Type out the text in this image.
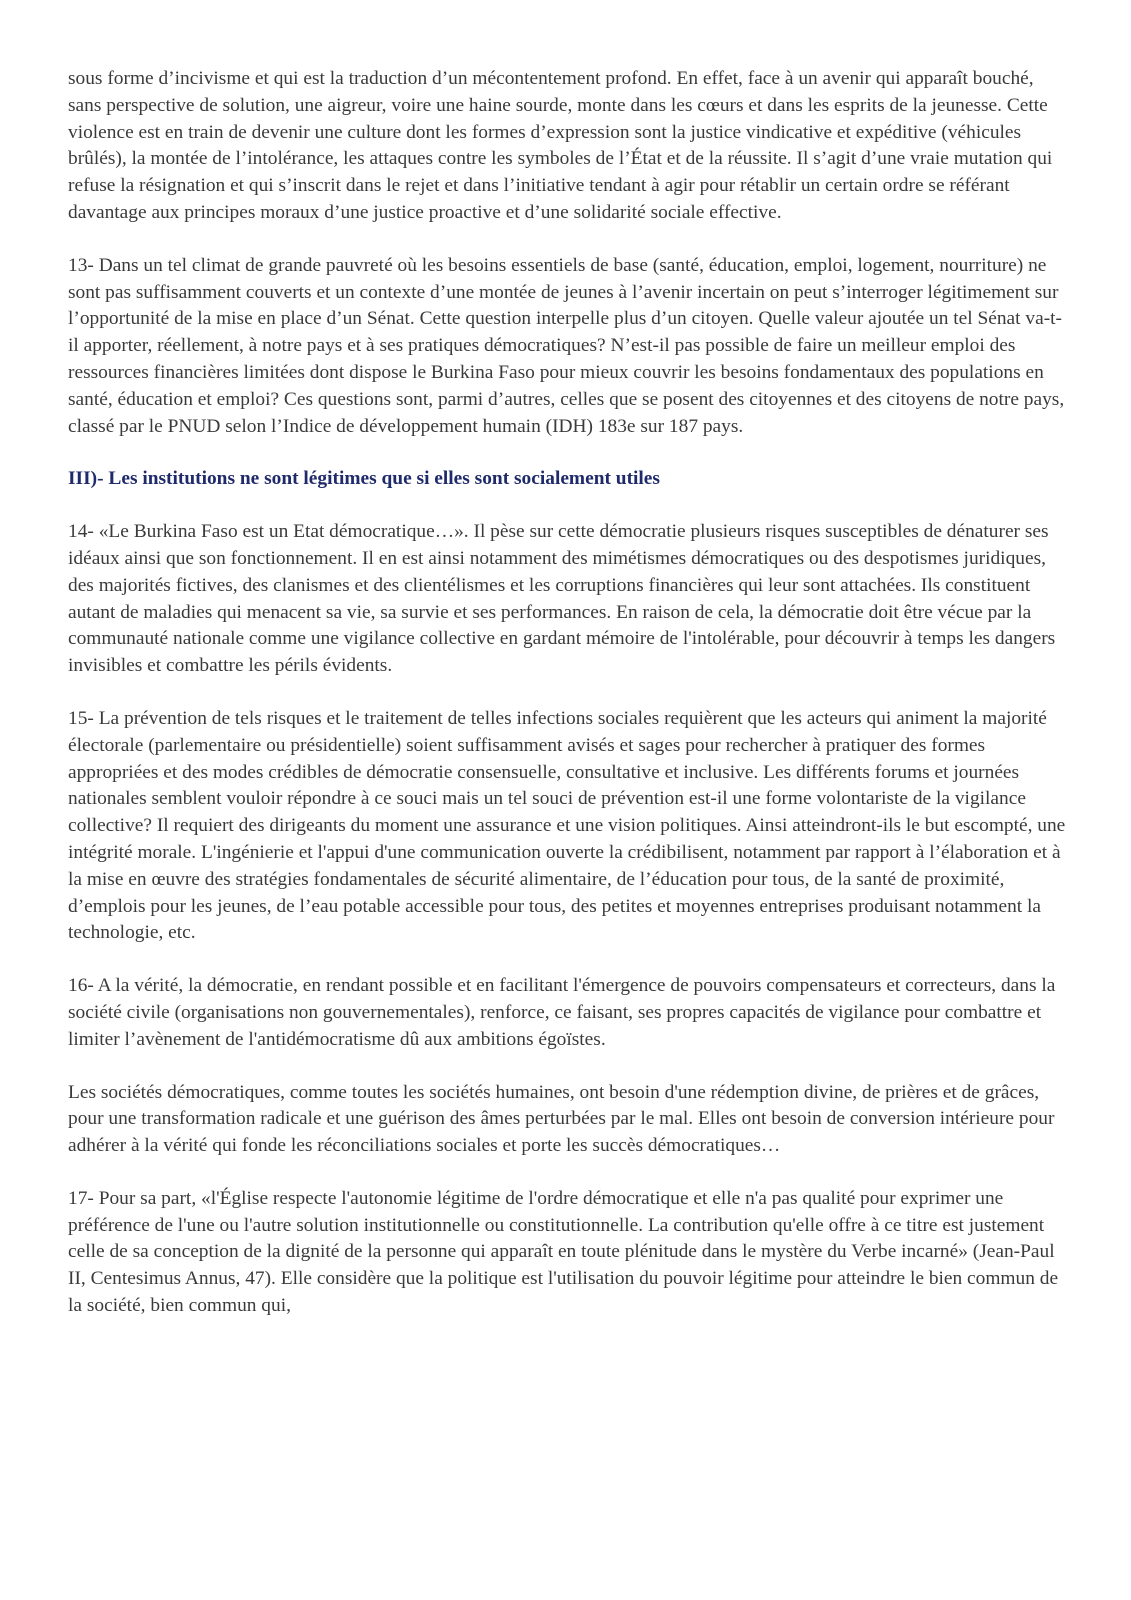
sous forme d’incivisme et qui est la traduction d’un mécontentement profond. En effet, face à un avenir qui apparaît bouché, sans perspective de solution, une aigreur, voire une haine sourde, monte dans les cœurs et dans les esprits de la jeunesse. Cette violence est en train de devenir une culture dont les formes d’expression sont la justice vindicative et expéditive (véhicules brûlés), la montée de l’intolérance, les attaques contre les symboles de l’État et de la réussite. Il s’agit d’une vraie mutation qui refuse la résignation et qui s’inscrit dans le rejet et dans l’initiative tendant à agir pour rétablir un certain ordre se référant davantage aux principes moraux d’une justice proactive et d’une solidarité sociale effective.

13- Dans un tel climat de grande pauvreté où les besoins essentiels de base (santé, éducation, emploi, logement, nourriture) ne sont pas suffisamment couverts et un contexte d’une montée de jeunes à l’avenir incertain on peut s’interroger légitimement sur l’opportunité de la mise en place d’un Sénat. Cette question interpelle plus d’un citoyen. Quelle valeur ajoutée un tel Sénat va-t-il apporter, réellement, à notre pays et à ses pratiques démocratiques? N’est-il pas possible de faire un meilleur emploi des ressources financières limitées dont dispose le Burkina Faso pour mieux couvrir les besoins fondamentaux des populations en santé, éducation et emploi? Ces questions sont, parmi d’autres, celles que se posent des citoyennes et des citoyens de notre pays, classé par le PNUD selon l’Indice de développement humain (IDH) 183e sur 187 pays.

III)- Les institutions ne sont légitimes que si elles sont socialement utiles

14- «Le Burkina Faso est un Etat démocratique…». Il pèse sur cette démocratie plusieurs risques susceptibles de dénaturer ses idéaux ainsi que son fonctionnement. Il en est ainsi notamment des mimétismes démocratiques ou des despotismes juridiques, des majorités fictives, des clanismes et des clientélismes et les corruptions financières qui leur sont attachées. Ils constituent autant de maladies qui menacent sa vie, sa survie et ses performances. En raison de cela, la démocratie doit être vécue par la communauté nationale comme une vigilance collective en gardant mémoire de l'intolérable, pour découvrir à temps les dangers invisibles et combattre les périls évidents.

15- La prévention de tels risques et le traitement de telles infections sociales requièrent que les acteurs qui animent la majorité électorale (parlementaire ou présidentielle) soient suffisamment avisés et sages pour rechercher à pratiquer des formes appropriées et des modes crédibles de démocratie consensuelle, consultative et inclusive. Les différents forums et journées nationales semblent vouloir répondre à ce souci mais un tel souci de prévention est-il une forme volontariste de la vigilance collective? Il requiert des dirigeants du moment une assurance et une vision politiques. Ainsi atteindront-ils le but escompté, une intégrité morale. L'ingénierie et l'appui d'une communication ouverte la crédibilisent, notamment par rapport à l’élaboration et à la mise en œuvre des stratégies fondamentales de sécurité alimentaire, de l’éducation pour tous, de la santé de proximité, d’emplois pour les jeunes, de l’eau potable accessible pour tous, des petites et moyennes entreprises produisant notamment la technologie, etc.

16- A la vérité, la démocratie, en rendant possible et en facilitant l'émergence de pouvoirs compensateurs et correcteurs, dans la société civile (organisations non gouvernementales), renforce, ce faisant, ses propres capacités de vigilance pour combattre et limiter l’avènement de l'antidémocratisme dû aux ambitions égoïstes.

Les sociétés démocratiques, comme toutes les sociétés humaines, ont besoin d'une rédemption divine, de prières et de grâces, pour une transformation radicale et une guérison des âmes perturbées par le mal. Elles ont besoin de conversion intérieure pour adhérer à la vérité qui fonde les réconciliations sociales et porte les succès démocratiques…

17- Pour sa part, «l'Église respecte l'autonomie légitime de l'ordre démocratique et elle n'a pas qualité pour exprimer une préférence de l'une ou l'autre solution institutionnelle ou constitutionnelle. La contribution qu'elle offre à ce titre est justement celle de sa conception de la dignité de la personne qui apparaît en toute plénitude dans le mystère du Verbe incarné» (Jean-Paul II, Centesimus Annus, 47). Elle considère que la politique est l'utilisation du pouvoir légitime pour atteindre le bien commun de la société, bien commun qui,
